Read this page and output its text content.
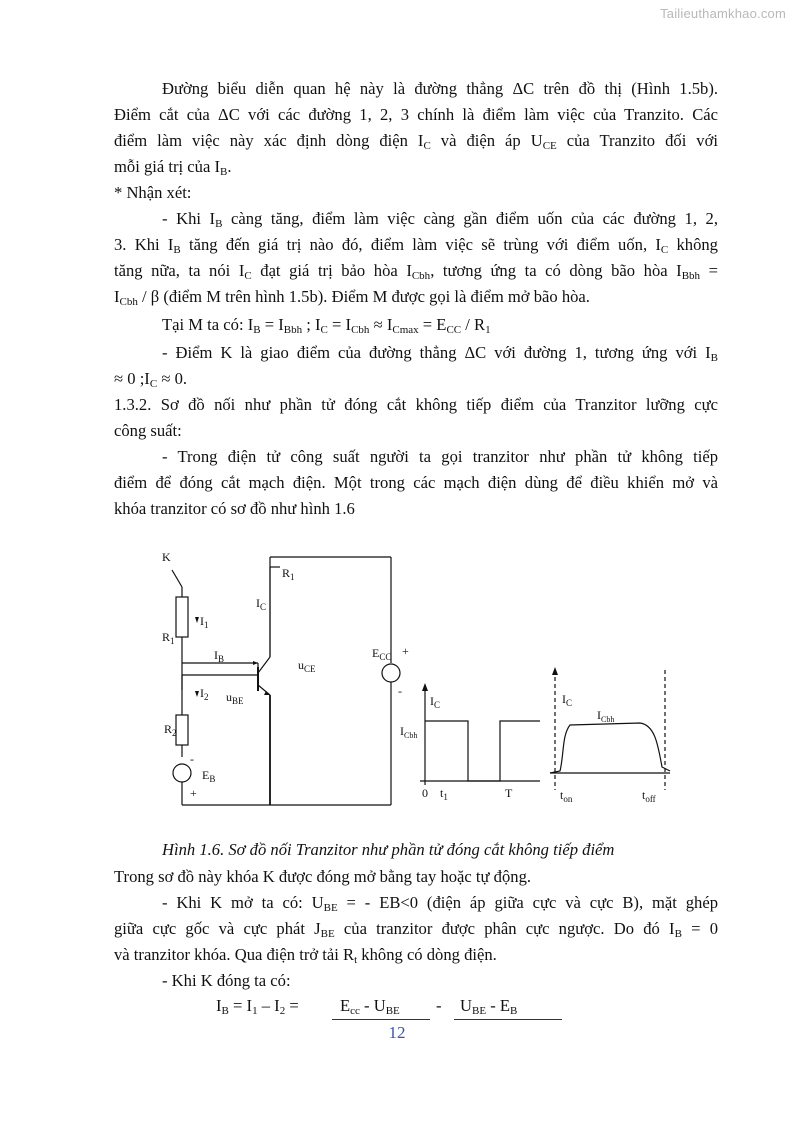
Tailieuthamkhao.com
Đường biểu diễn quan hệ này là đường thẳng ΔC trên đồ thị (Hình 1.5b).
Điểm cắt của ΔC với các đường 1, 2, 3 chính là điểm làm việc của Tranzito. Các
điểm làm việc này xác định dòng điện $I_C$ và điện áp $U_{CE}$ của Tranzito đối với
mỗi giá trị của $I_B$.
* Nhận xét:
- Khi $I_B$ càng tăng, điểm làm việc càng gần điểm uốn của các đường 1, 2,
3. Khi $I_B$ tăng đến giá trị nào đó, điểm làm việc sẽ trùng với điểm uốn, $I_C$ không
tăng nữa, ta nói $I_C$ đạt giá trị bảo hòa $I_{Cbh}$, tương ứng ta có dòng bão hòa $I_{Bbh}$ =
$I_{Cbh}$ / β (điểm M trên hình 1.5b). Điểm M được gọi là điểm mở bão hòa.
Tại M ta có: $I_B = I_{Bbh}$ ; $I_C = I_{Cbh} \approx I_{Cmax} = E_{CC} / R_1$
- Điểm K là giao điểm của đường thẳng ΔC với đường 1, tương ứng với $I_B$
≈ 0 $;I_C \approx 0$.
1.3.2. Sơ đồ nối như phần tử đóng cắt không tiếp điểm của Tranzitor lưỡng cực
công suất:
- Trong điện tử công suất người ta gọi tranzitor như phần tử không tiếp
điểm để đóng cắt mạch điện. Một trong các mạch điện dùng để điều khiển mở và
khóa tranzitor có sơ đồ như hình 1.6
K
$R_1$
$I_C$
$I_1$
$R_1$
$I_B$	$u_{CE}$
$I_2$ $u_{BE}$
$R_2$
-
$E_B$
+
$E_{CC}$ +
-
$I_C$
$I_{Cbh}$
0 $t_1$	T
$I_C$
$I_{Cbh}$
$t_{on}$	$t_{off}$
Hình 1.6. Sơ đồ nối Tranzitor như phần tử đóng cắt không tiếp điểm
Trong sơ đồ này khóa K được đóng mở bằng tay hoặc tự động.
- Khi K mở ta có: $U_{BE}$ = - EB<0 (điện áp giữa cực và cực B), mặt ghép
giữa cực gốc và cực phát $J_{BE}$ của tranzitor được phân cực ngược. Do đó $I_B = 0$
và tranzitor khóa. Qua điện trở tải $R_t$ không có dòng điện.
- Khi K đóng ta có:
$I_B = I_1 - I_2 = E_{cc} - U_{BE} - U_{BE} - E_B$
12
